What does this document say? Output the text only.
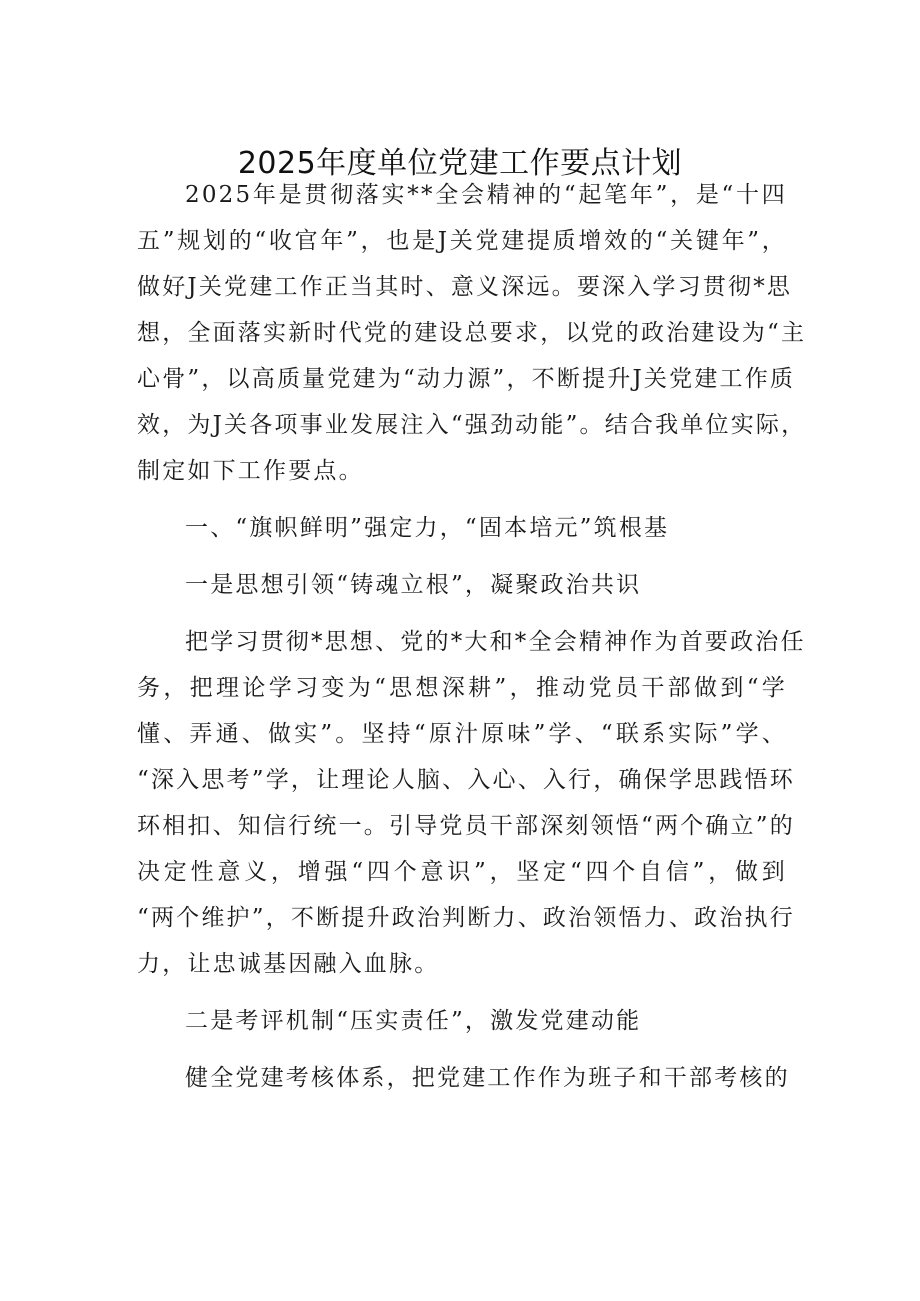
2025年度单位党建工作要点计划

2025年是贯彻落实**全会精神的“起笔年”，是“十四

五”规划的“收官年”，也是J关党建提质增效的“关键年”，

做好J关党建工作正当其时、意义深远。要深入学习贯彻*思

想，全面落实新时代党的建设总要求，以党的政治建设为“主

心骨”，以高质量党建为“动力源”，不断提升J关党建工作质

效，为J关各项事业发展注入“强劲动能”。结合我单位实际，

制定如下工作要点。

一、“旗帜鲜明”强定力，“固本培元”筑根基

一是思想引领“铸魂立根”，凝聚政治共识

把学习贯彻*思想、党的*大和*全会精神作为首要政治任

务，把理论学习变为“思想深耕”，推动党员干部做到“学

懂、弄通、做实”。坚持“原汁原味”学、“联系实际”学、

“深入思考”学，让理论人脑、入心、入行，确保学思践悟环

环相扣、知信行统一。引导党员干部深刻领悟“两个确立”的

决定性意义，增强“四个意识”，坚定“四个自信”，做到

“两个维护”，不断提升政治判断力、政治领悟力、政治执行

力，让忠诚基因融入血脉。

二是考评机制“压实责任”，激发党建动能

健全党建考核体系，把党建工作作为班子和干部考核的
